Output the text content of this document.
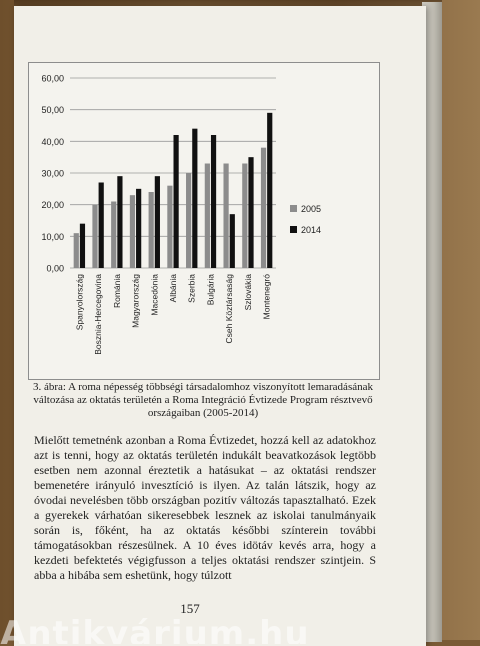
0,00
10,00
20,00
30,00
40,00
50,00
60,00
Spanyolország Bosznia-Hercegovina Románia Magyarország Macedónia Albánia Szerbia Bulgária Cseh Köztársaság Szlovákia Montenegró
2005
2014
3. ábra: A roma népesség többségi társadalomhoz viszonyított lemaradásának változása az oktatás területén a Roma Integráció Évtizede Program résztvevő országaiban (2005-2014)

Mielőtt temetnénk azonban a Roma Évtizedet, hozzá kell az adatokhoz azt is tenni, hogy az oktatás területén indukált beavatkozások legtöbb esetben nem azonnal éreztetik a hatásukat – az oktatási rendszer bemenetére irányuló invesztíció is ilyen. Az talán látszik, hogy az óvodai nevelésben több országban pozitív változás tapasztalható. Ezek a gyerekek várhatóan sikeresebbek lesznek az iskolai tanulmányaik során is, főként, ha az oktatás későbbi színterein további támogatásokban részesülnek. A 10 éves idötáv kevés arra, hogy a kezdeti befektetés végigfusson a teljes oktatási rendszer szintjein. S abba a hibába sem eshetünk, hogy túlzott

157
Antikvárium.hu
